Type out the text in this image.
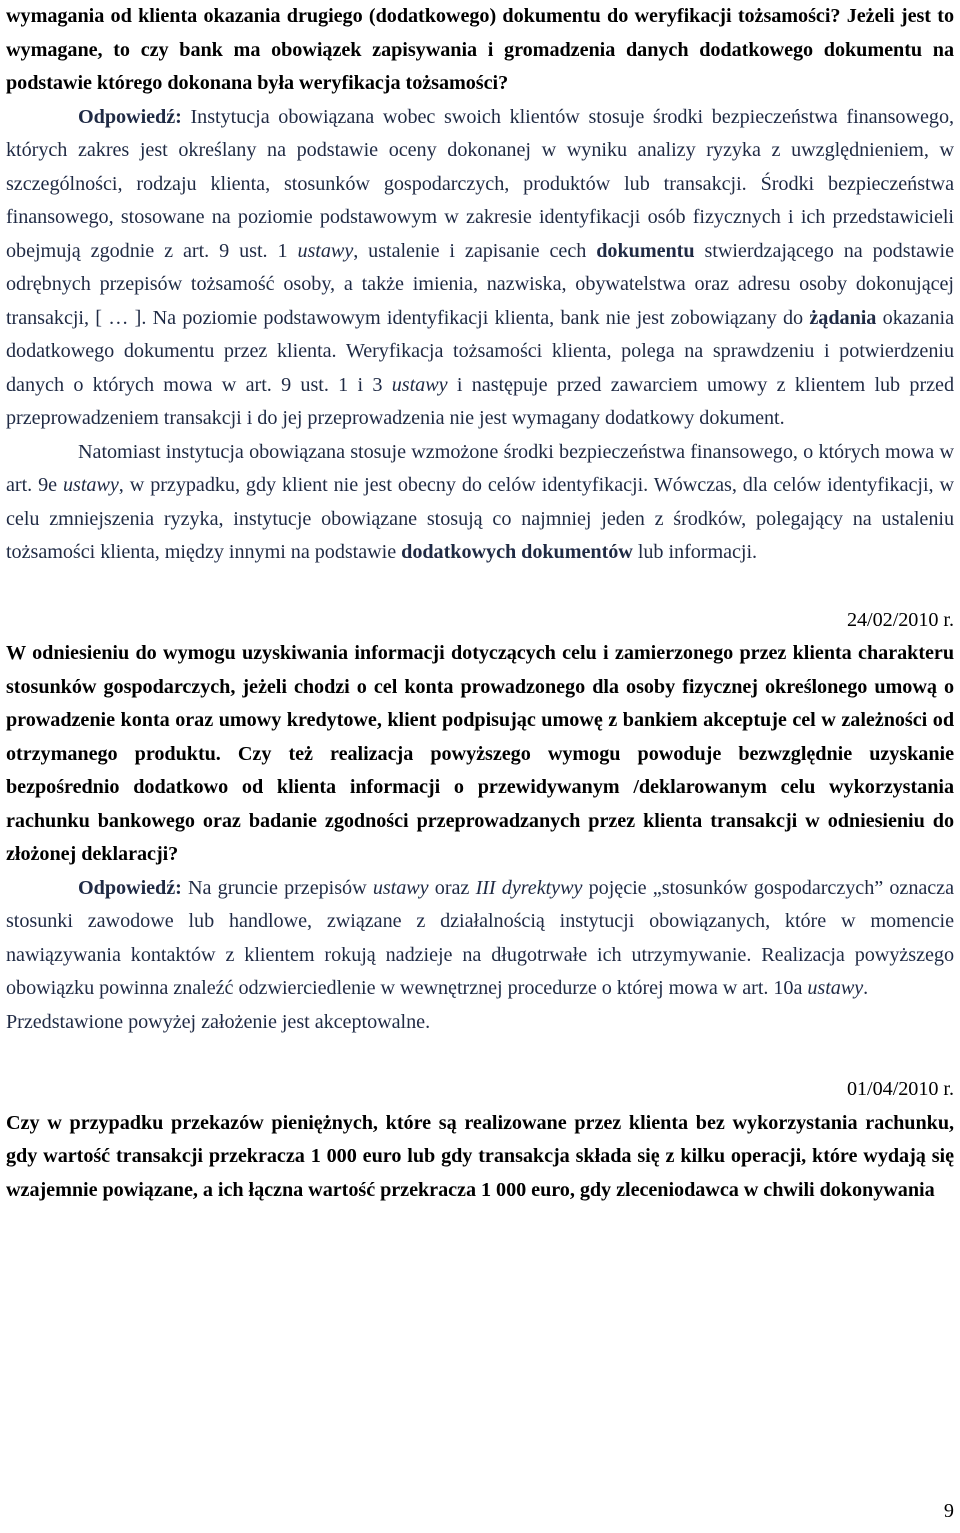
wymagania od klienta okazania drugiego (dodatkowego) dokumentu do weryfikacji tożsamości? Jeżeli jest to wymagane, to czy bank ma obowiązek zapisywania i gromadzenia danych dodatkowego dokumentu na podstawie którego dokonana była weryfikacja tożsamości?

Odpowiedź: Instytucja obowiązana wobec swoich klientów stosuje środki bezpieczeństwa finansowego, których zakres jest określany na podstawie oceny dokonanej w wyniku analizy ryzyka z uwzględnieniem, w szczególności, rodzaju klienta, stosunków gospodarczych, produktów lub transakcji. Środki bezpieczeństwa finansowego, stosowane na poziomie podstawowym w zakresie identyfikacji osób fizycznych i ich przedstawicieli obejmują zgodnie z art. 9 ust. 1 ustawy, ustalenie i zapisanie cech dokumentu stwierdzającego na podstawie odrębnych przepisów tożsamość osoby, a także imienia, nazwiska, obywatelstwa oraz adresu osoby dokonującej transakcji, [ … ]. Na poziomie podstawowym identyfikacji klienta, bank nie jest zobowiązany do żądania okazania dodatkowego dokumentu przez klienta. Weryfikacja tożsamości klienta, polega na sprawdzeniu i potwierdzeniu danych o których mowa w art. 9 ust. 1 i 3 ustawy i następuje przed zawarciem umowy z klientem lub przed przeprowadzeniem transakcji i do jej przeprowadzenia nie jest wymagany dodatkowy dokument.

Natomiast instytucja obowiązana stosuje wzmożone środki bezpieczeństwa finansowego, o których mowa w art. 9e ustawy, w przypadku, gdy klient nie jest obecny do celów identyfikacji. Wówczas, dla celów identyfikacji, w celu zmniejszenia ryzyka, instytucje obowiązane stosują co najmniej jeden z środków, polegający na ustaleniu tożsamości klienta, między innymi na podstawie dodatkowych dokumentów lub informacji.

24/02/2010 r.

W odniesieniu do wymogu uzyskiwania informacji dotyczących celu i zamierzonego przez klienta charakteru stosunków gospodarczych, jeżeli chodzi o cel konta prowadzonego dla osoby fizycznej określonego umową o prowadzenie konta oraz umowy kredytowe, klient podpisując umowę z bankiem akceptuje cel w zależności od otrzymanego produktu. Czy też realizacja powyższego wymogu powoduje bezwzględnie uzyskanie bezpośrednio dodatkowo od klienta informacji o przewidywanym /deklarowanym celu wykorzystania rachunku bankowego oraz badanie zgodności przeprowadzanych przez klienta transakcji w odniesieniu do złożonej deklaracji?

Odpowiedź: Na gruncie przepisów ustawy oraz III dyrektywy pojęcie „stosunków gospodarczych” oznacza stosunki zawodowe lub handlowe, związane z działalnością instytucji obowiązanych, które w momencie nawiązywania kontaktów z klientem rokują nadzieje na długotrwałe ich utrzymywanie. Realizacja powyższego obowiązku powinna znaleźć odzwierciedlenie w wewnętrznej procedurze o której mowa w art. 10a ustawy.

Przedstawione powyżej założenie jest akceptowalne.

01/04/2010 r.

Czy w przypadku przekazów pieniężnych, które są realizowane przez klienta bez wykorzystania rachunku, gdy wartość transakcji przekracza 1 000 euro lub gdy transakcja składa się z kilku operacji, które wydają się wzajemnie powiązane, a ich łączna wartość przekracza 1 000 euro, gdy zleceniodawca w chwili dokonywania

9
